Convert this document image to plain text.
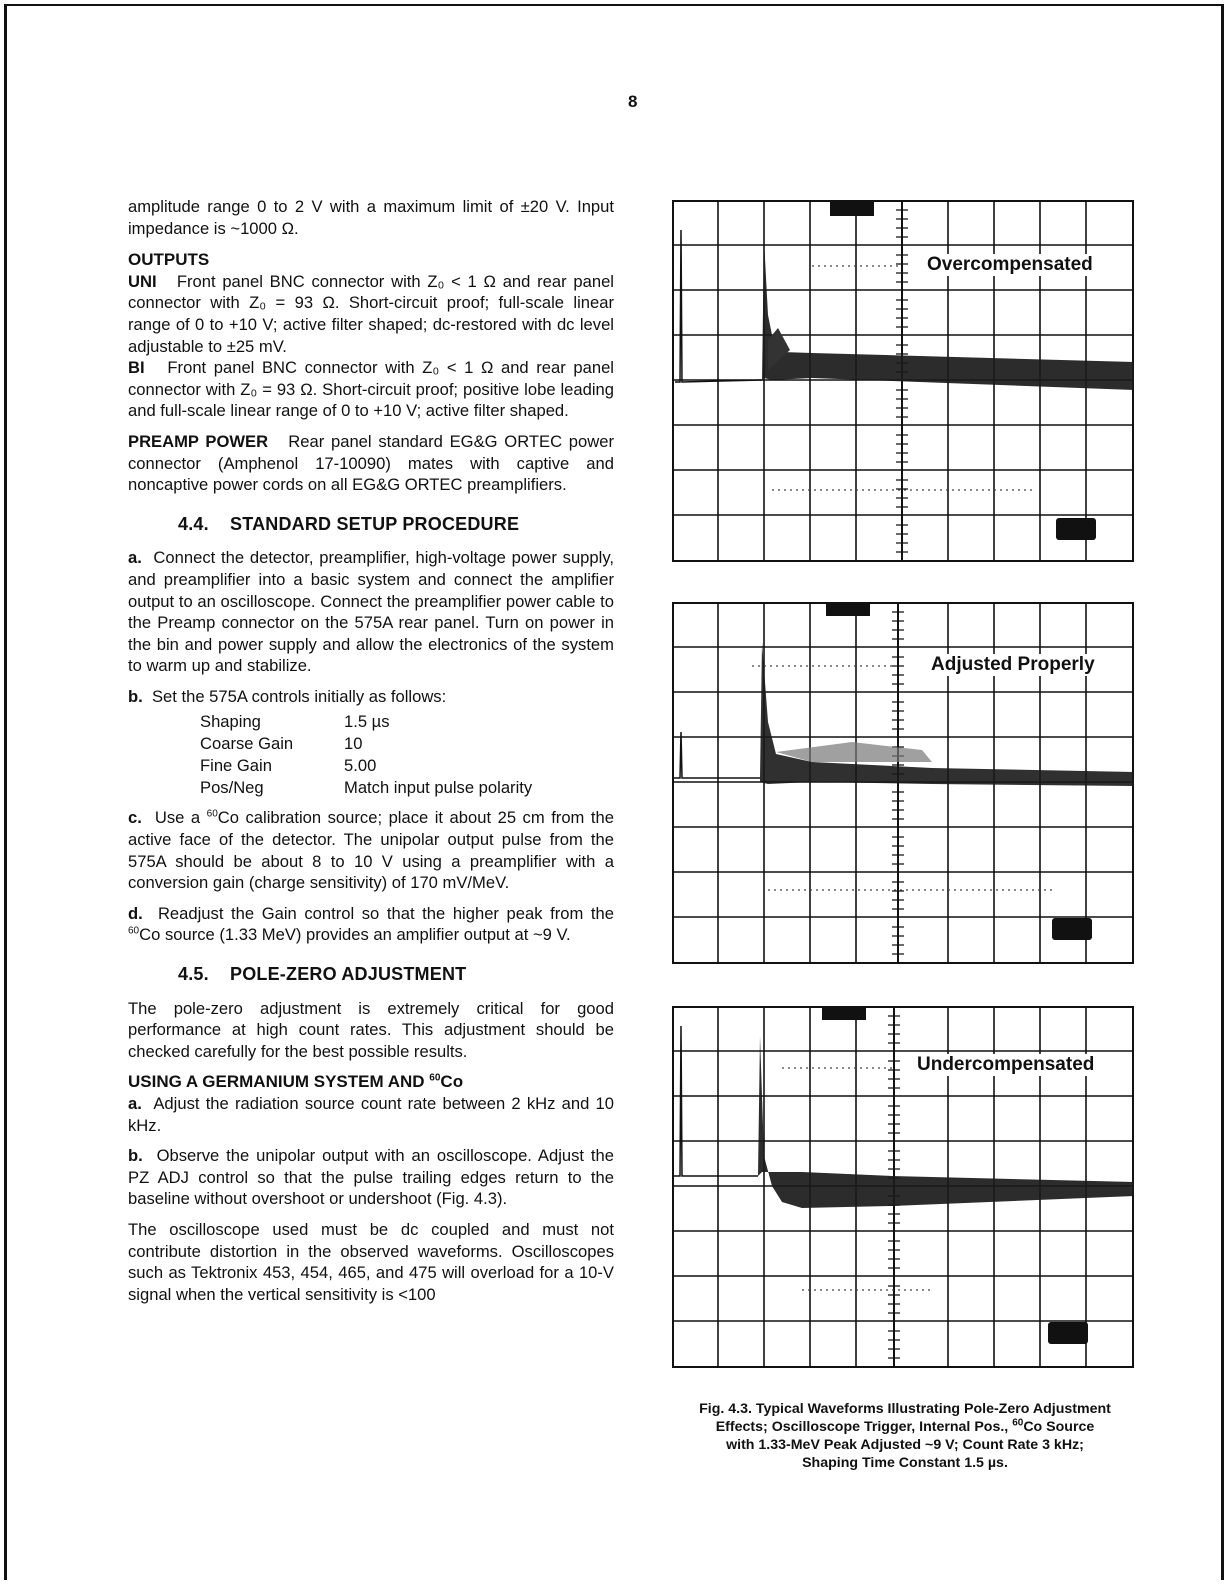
8

amplitude range 0 to 2 V with a maximum limit of ±20 V. Input impedance is ~1000 Ω.

OUTPUTS

UNI Front panel BNC connector with Z₀ < 1 Ω and rear panel connector with Z₀ = 93 Ω. Short-circuit proof; full-scale linear range of 0 to +10 V; active filter shaped; dc-restored with dc level adjustable to ±25 mV.

BI Front panel BNC connector with Z₀ < 1 Ω and rear panel connector with Z₀ = 93 Ω. Short-circuit proof; positive lobe leading and full-scale linear range of 0 to +10 V; active filter shaped.

PREAMP POWER Rear panel standard EG&G ORTEC power connector (Amphenol 17-10090) mates with captive and noncaptive power cords on all EG&G ORTEC preamplifiers.

4.4. STANDARD SETUP PROCEDURE

a. Connect the detector, preamplifier, high-voltage power supply, and preamplifier into a basic system and connect the amplifier output to an oscilloscope. Connect the preamplifier power cable to the Preamp connector on the 575A rear panel. Turn on power in the bin and power supply and allow the electronics of the system to warm up and stabilize.

b. Set the 575A controls initially as follows:

Shaping	1.5 µs
Coarse Gain	10
Fine Gain	5.00
Pos/Neg	Match input pulse polarity

c. Use a $^{60}$Co calibration source; place it about 25 cm from the active face of the detector. The unipolar output pulse from the 575A should be about 8 to 10 V using a preamplifier with a conversion gain (charge sensitivity) of 170 mV/MeV.

d. Readjust the Gain control so that the higher peak from the $^{60}$Co source (1.33 MeV) provides an amplifier output at ~9 V.

4.5. POLE-ZERO ADJUSTMENT

The pole-zero adjustment is extremely critical for good performance at high count rates. This adjustment should be checked carefully for the best possible results.

USING A GERMANIUM SYSTEM AND $^{60}$Co

a. Adjust the radiation source count rate between 2 kHz and 10 kHz.

b. Observe the unipolar output with an oscilloscope. Adjust the PZ ADJ control so that the pulse trailing edges return to the baseline without overshoot or undershoot (Fig. 4.3).

The oscilloscope used must be dc coupled and must not contribute distortion in the observed waveforms. Oscilloscopes such as Tektronix 453, 454, 465, and 475 will overload for a 10-V signal when the vertical sensitivity is <100

Overcompensated
Adjusted Properly
Undercompensated
Fig. 4.3. Typical Waveforms Illustrating Pole-Zero Adjustment
Effects; Oscilloscope Trigger, Internal Pos., $^{60}$Co Source
with 1.33-MeV Peak Adjusted ~9 V; Count Rate 3 kHz;
Shaping Time Constant 1.5 µs.
